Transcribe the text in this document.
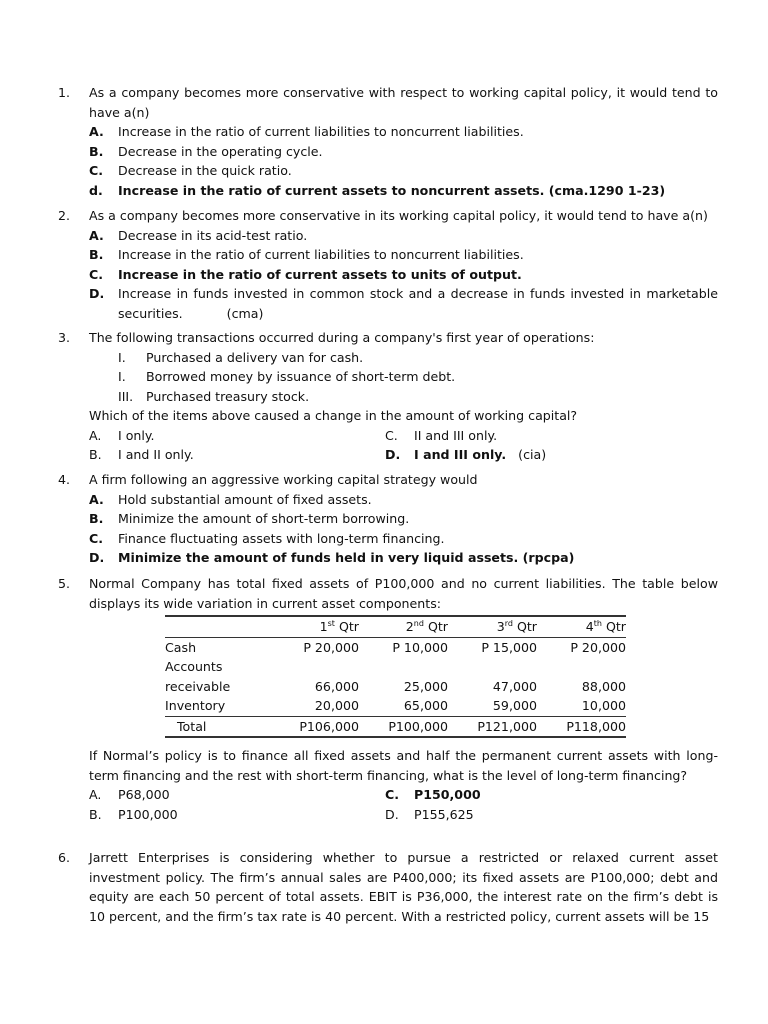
1.	As a company becomes more conservative with respect to working capital policy, it would tend to have a(n)
A. Increase in the ratio of current liabilities to noncurrent liabilities.
B. Decrease in the operating cycle.
C. Decrease in the quick ratio.
d. Increase in the ratio of current assets to noncurrent assets. (cma.1290 1-23)
2.	As a company becomes more conservative in its working capital policy, it would tend to have a(n)
A. Decrease in its acid-test ratio.
B. Increase in the ratio of current liabilities to noncurrent liabilities.
C. Increase in the ratio of current assets to units of output.
D. Increase in funds invested in common stock and a decrease in funds invested in marketable securities.	(cma)
3.	The following transactions occurred during a company's first year of operations:
I. Purchased a delivery van for cash.
I. Borrowed money by issuance of short-term debt.
III. Purchased treasury stock.
Which of the items above caused a change in the amount of working capital?
A. I only.	C. II and III only.
B. I and II only.	D. I and III only. (cia)
4.	A firm following an aggressive working capital strategy would
A. Hold substantial amount of fixed assets.
B. Minimize the amount of short-term borrowing.
C. Finance fluctuating assets with long-term financing.
D. Minimize the amount of funds held in very liquid assets. (rpcpa)
5.	Normal Company has total fixed assets of P100,000 and no current liabilities. The table below displays its wide variation in current asset components:
	1st Qtr	2nd Qtr	3rd Qtr	4th Qtr
Cash	P 20,000	P 10,000	P 15,000	P 20,000
Accounts				
receivable	66,000	25,000	47,000	88,000
Inventory	20,000	65,000	59,000	10,000
Total	P106,000	P100,000	P121,000	P118,000
If Normal’s policy is to finance all fixed assets and half the permanent current assets with long-term financing and the rest with short-term financing, what is the level of long-term financing?
A. P68,000	C. P150,000
B. P100,000	D. P155,625
6.	Jarrett Enterprises is considering whether to pursue a restricted or relaxed current asset investment policy. The firm’s annual sales are P400,000; its fixed assets are P100,000; debt and equity are each 50 percent of total assets. EBIT is P36,000, the interest rate on the firm’s debt is 10 percent, and the firm’s tax rate is 40 percent. With a restricted policy, current assets will be 15
